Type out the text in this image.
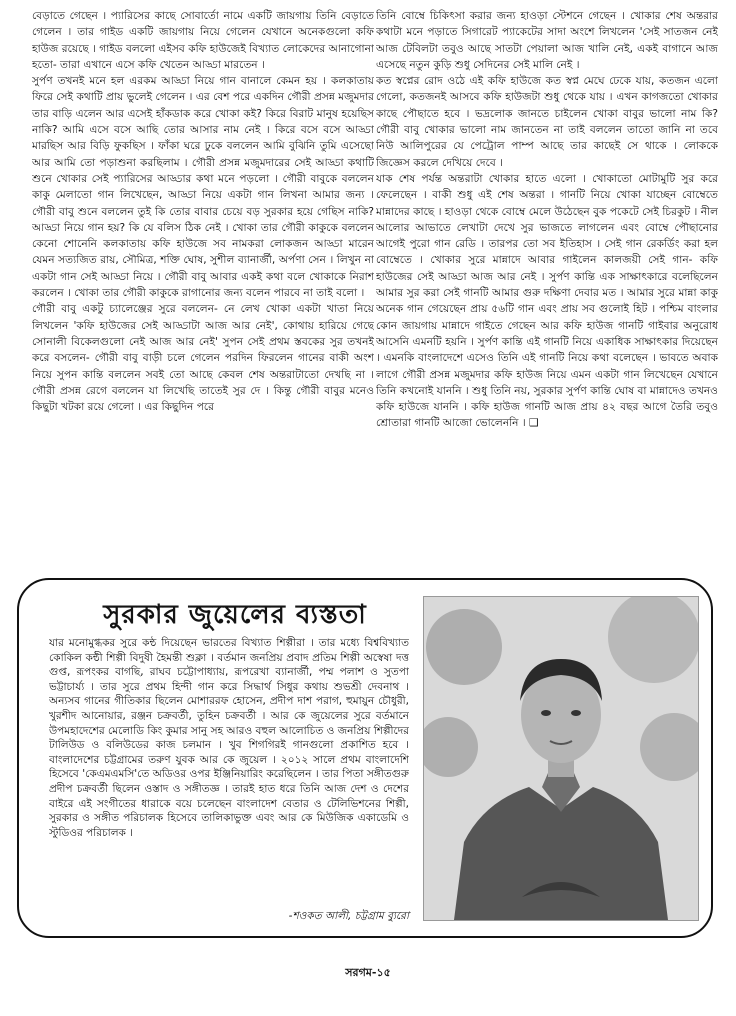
বেড়াতে গেছেন । প্যারিসের কাছে সোবার্তো নামে একটি জায়গায় তিনি বেড়াতে গেলেন । তার গাইড একটি জায়গায় নিয়ে গেলেন যেখানে অনেকগুলো কফি হাউজ রয়েছে । গাইড বললো এইসব কফি হাউজেই বিখ্যাত লোকেদের আনাগোনা হতো- তারা এখানে এসে কফি খেতেন আড্ডা মারতেন ।

সুর্পণ তখনই মনে হল এরকম আড্ডা নিয়ে গান বানালে কেমন হয় । কলকাতায় ফিরে সেই কথাটি প্রায় ভুলেই গেলেন । এর বেশ পরে একদিন গৌরী প্রসন্ন মজুমদার তার বাড়ি এলেন আর এসেই হাঁকডাক করে খোকা কই? কিরে বিরাট মানুষ হয়েছিস নাকি? আমি এসে বসে আছি তোর আসার নাম নেই । কিরে বসে বসে আড্ডা মারছিস আর বিড়ি ফুকছিস । ফাঁকা ঘরে ঢুকে বললেন আমি বুঝিনি তুমি এসেছো আর আমি তো পড়াশুনা করছিলাম । গৌরী প্রসন্ন মজুমদারের সেই আড্ডা কথাটি শুনে খোকার সেই প্যারিসের আড্ডার কথা মনে পড়লো । গৌরী বাবুকে বললেন কাকু মেলাতো গান লিখেছেন, আড্ডা নিয়ে একটা গান লিখনা আমার জন্য । গৌরী বাবু শুনে বললেন তুই কি তোর বাবার চেয়ে বড় সুরকার হয়ে গেছিস নাকি? আড্ডা নিয়ে গান হয়? কি যে বলিস ঠিক নেই । খোকা তার গৌরী কাকুকে বললেন কেনো শোনেনি কলকাতায় কফি হাউজে সব নামকরা লোকজন আড্ডা মারেন যেমন সত্যজিত রায়, সৌমিত্র, শক্তি ঘোষ, সুশীল ব্যানার্জী, অর্পণা সেন । লিখুন না একটা গান সেই আড্ডা নিয়ে । গৌরী বাবু আবার একই কথা বলে খোকাকে নিরাশ করলেন । খোকা তার গৌরী কাকুকে রাগানোর জন্য বলেন পারবে না তাই বলো ।

গৌরী বাবু একটু চ্যালেঞ্জের সুরে বললেন- নে লেখ খোকা একটা খাতা নিয়ে লিখলেন 'কফি হাউজের সেই আড্ডাটা আজ আর নেই', কোথায় হারিয়ে গেছে সোনালী বিকেলগুলো নেই আজ আর নেই' সুপন সেই প্রথম স্তবকের সুর তখনই করে বসলেন- গৌরী বাবু বাড়ী চলে গেলেন পরদিন ফিরলেন গানের বাকী অংশ নিয়ে সুপন কান্তি বললেন সবই তো আছে কেবল শেষ অন্তরাটাতো দেখছি না । গৌরী প্রসন্ন রেগে বললেন যা লিখেছি তাতেই সুর দে । কিন্তু গৌরী বাবুর মনেও কিছুটা খটকা রয়ে গেলো । এর কিছুদিন পরে

তিনি বোম্বে চিকিৎসা করার জন্য হাওড়া স্টেশনে গেছেন । খোকার শেষ অন্তরার কথাটা মনে পড়াতে সিগারেট প্যাকেটের সাদা অংশে লিখলেন 'সেই সাতজন নেই আজ টেবিলটা তবুও আছে সাতটা পেয়ালা আজ খালি নেই, একই বাগানে আজ এসেছে নতুন কুড়ি শুধু সেদিনের সেই মালি নেই ।

কত স্বপ্নের রোদ ওঠে এই কফি হাউজে কত স্বপ্ন মেঘে ঢেকে যায়, কতজন এলো গেলো, কতজনই আসবে কফি হাউজটা শুধু থেকে যায় । এখন কাগজতো খোকার কাছে পৌছাতে হবে । ভদ্রলোক জানতে চাইলেন খোকা বাবুর ভালো নাম কি? গৌরী বাবু খোকার ভালো নাম জানতেন না তাই বললেন তাতো জানি না তবে নিউ আলিপুরের যে পেট্রোল পাম্প আছে তার কাছেই সে থাকে । লোককে জিজ্ঞেস করলে দেখিয়ে দেবে ।

যাক শেষ পর্যন্ত অন্তরাটা খোকার হাতে এলো । খোকাতো মোটামুটি সুর করে ফেলেছেন । বাকী শুধু এই শেষ অন্তরা । গানটি নিয়ে খোকা যাচ্ছেন বোম্বেতে মান্নাদের কাছে । হাওড়া থেকে বোম্বে মেলে উঠেছেন বুক পকেটে সেই চিরকুট । নীল আলোর আভাতে লেখাটা দেখে সুর ভাজতে লাগলেন এবং বোম্বে পৌছানোর আগেই পুরো গান রেডি । তারপর তো সব ইতিহাস । সেই গান রেকর্ডিং করা হল বোম্বেতে । খোকার সুরে মান্নাদে আবার গাইলেন কালজয়ী সেই গান- কফি হাউজের সেই আড্ডা আজ আর নেই । সুর্পণ কান্তি এক সাক্ষাৎকারে বলেছিলেন আমার সুর করা সেই গানটি আমার গুরু দক্ষিণা দেবার মত । আমার সুরে মান্না কাকু অনেক গান গেয়েছেন প্রায় ৫৬টি গান এবং প্রায় সব গুলোই হিট । পশ্চিম বাংলার কোন জায়গায় মান্নাদে গাইতে গেছেন আর কফি হাউজ গানটি গাইবার অনুরোধ আসেনি এমনটি হয়নি । সুর্পণ কান্তি এই গানটি নিয়ে একাধিক সাক্ষাৎকার দিয়েছেন । এমনকি বাংলাদেশে এসেও তিনি এই গানটি নিয়ে কথা বলেছেন । ভাবতে অবাক লাগে গৌরী প্রসন্ন মজুমদার কফি হাউজ নিয়ে এমন একটা গান লিখেছেন যেখানে তিনি কখনোই যাননি । শুধু তিনি নয়, সুরকার সুর্পণ কান্তি ঘোষ বা মান্নাদেও তখনও কফি হাউজে যাননি । কফি হাউজ গানটি আজ প্রায় ৪২ বছর আগে তৈরি তবুও শ্রোতারা গানটি আজো ভোলেননি । ❑

সুরকার জুয়েলের ব্যস্ততা
যার মনোমুগ্ধকর সুরে কন্ঠ দিয়েছেন ভারতের বিখ্যাত শিল্পীরা । তার মধ্যে বিশ্ববিখ্যাত কোকিল কন্ঠী শিল্পী বিদুষী হৈমন্তী শুক্লা । বর্তমান জনপ্রিয় প্রবাদ প্রতিম শিল্পী অস্বেষা দত্ত গুপ্ত, রূপংকর বাগছি, রাঘব চট্টোপাধ্যায়, রূপরেখা ব্যানার্জী, পম্ম পলাশ ও সুতপা ভট্টাচার্য্য । তার সুরে প্রথম হিন্দী গান করে সিদ্ধার্থ সিধুর কথায় শুভশ্রী দেবনাথ । অন্যসব গানের গীতিকার ছিলেন মোশাররফ হোসেন, প্রদীপ দাশ পরাগ, হুমায়ুন চৌধুরী, খুরশীদ আনোয়ার, রঞ্জন চক্রবর্তী, তুহিন চক্রবর্তী । আর কে জুয়েলের সুরে বর্তমানে উপমহাদেশের মেলোডি কিং কুমার সানু সহ আরও বহুল আলোচিত ও জনপ্রিয় শিল্পীদের টালিউড ও বলিউডের কাজ চলমান । খুব শিগগিরই গানগুলো প্রকাশিত হবে । বাংলাদেশের চট্টগ্রামের তরুণ যুবক আর কে জুয়েল । ২০১২ সালে প্রথম বাংলাদেশি হিসেবে 'কেএমএমসি'তে অডিওর ওপর ইঞ্জিনিয়ারিং করেছিলেন । তার পিতা সঙ্গীতগুরু প্রদীপ চক্রবর্তী ছিলেন ওস্তাদ ও সঙ্গীতজ্ঞ । তারই হাত ধরে তিনি আজ দেশ ও দেশের বাইরে এই সংগীতের ধারাকে বয়ে চলেছেন বাংলাদেশ বেতার ও টেলিভিশনের শিল্পী, সুরকার ও সঙ্গীত পরিচালক হিসেবে তালিকাভুক্ত এবং আর কে মিউজিক একাডেমি ও স্টুডিওর পরিচালক ।
-শওকত আলী, চট্টগ্রাম ব্যুরো
সরগম-১৫
